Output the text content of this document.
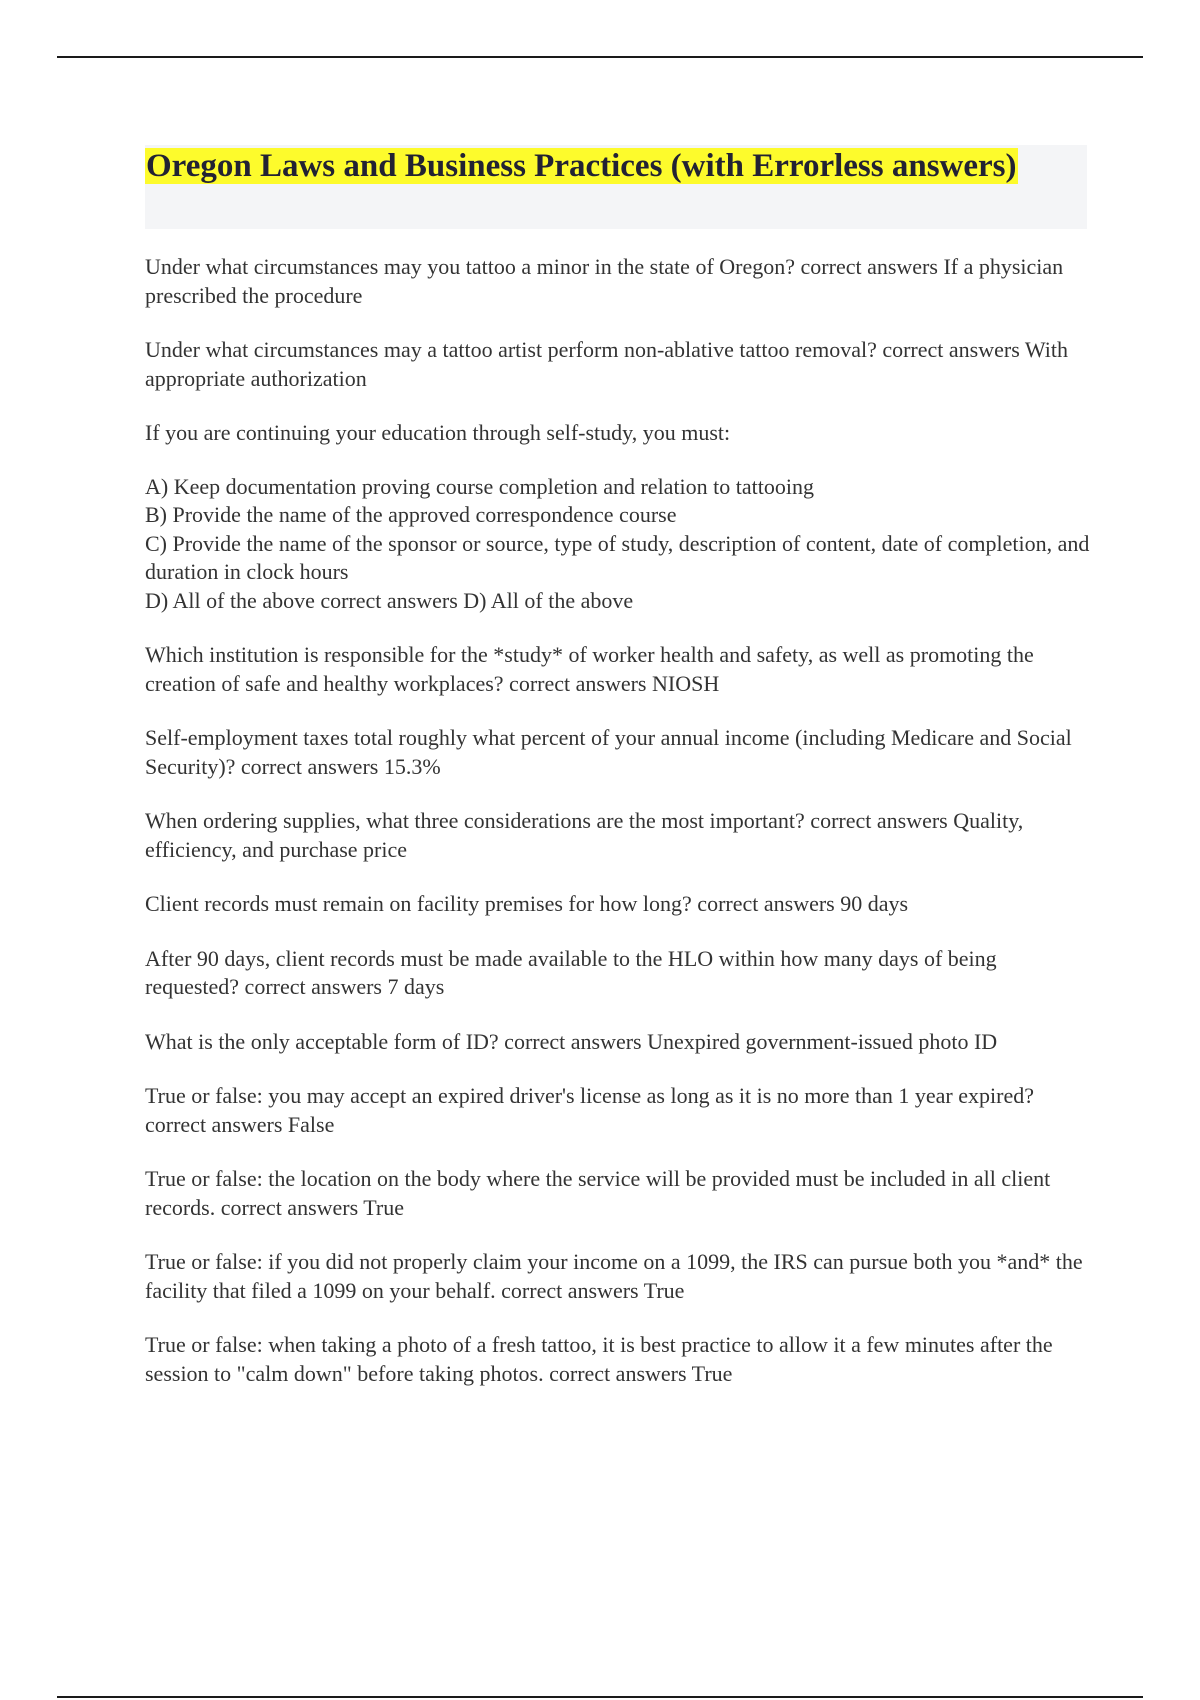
Oregon Laws and Business Practices (with Errorless answers)

Under what circumstances may you tattoo a minor in the state of Oregon? correct answers If a physician prescribed the procedure

Under what circumstances may a tattoo artist perform non-ablative tattoo removal? correct answers With appropriate authorization

If you are continuing your education through self-study, you must:

A) Keep documentation proving course completion and relation to tattooing
B) Provide the name of the approved correspondence course
C) Provide the name of the sponsor or source, type of study, description of content, date of completion, and duration in clock hours
D) All of the above correct answers D) All of the above

Which institution is responsible for the *study* of worker health and safety, as well as promoting the creation of safe and healthy workplaces? correct answers NIOSH

Self-employment taxes total roughly what percent of your annual income (including Medicare and Social Security)? correct answers 15.3%

When ordering supplies, what three considerations are the most important? correct answers Quality, efficiency, and purchase price

Client records must remain on facility premises for how long? correct answers 90 days

After 90 days, client records must be made available to the HLO within how many days of being requested? correct answers 7 days

What is the only acceptable form of ID? correct answers Unexpired government-issued photo ID

True or false: you may accept an expired driver's license as long as it is no more than 1 year expired? correct answers False

True or false: the location on the body where the service will be provided must be included in all client records. correct answers True

True or false: if you did not properly claim your income on a 1099, the IRS can pursue both you *and* the facility that filed a 1099 on your behalf. correct answers True

True or false: when taking a photo of a fresh tattoo, it is best practice to allow it a few minutes after the session to "calm down" before taking photos. correct answers True
